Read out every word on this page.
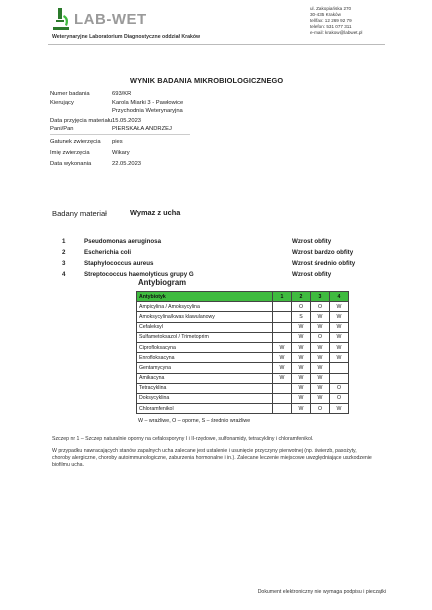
LAB-WET
Weterynaryjne Laboratorium Diagnostyczne oddział Kraków
ul. Zakopiańska 270
30-435 Kraków
tel/fax: 12 269 92 79
telefon: 531 077 311
e-mail: krakow@labwet.pl
WYNIK BADANIA MIKROBIOLOGICZNEGO
Numer badania	693/KR
Kierujący	Karola Miarki 3 - Pawłowice
Przychodnia Weterynaryjna
Data przyjęcia materiału 15.05.2023
Pani/Pan	PIERSKAŁA ANDRZEJ
Gatunek zwierzęcia pies
Imię zwierzęcia	Wikary
Data wykonania	22.05.2023
Badany materiał	Wymaz z ucha
1	Pseudomonas aeruginosa	Wzrost obfity
2	Escherichia coli	Wzrost bardzo obfity
3	Staphylococcus aureus	Wzrost średnio obfity
4	Streptococcus haemolyticus grupy G	Wzrost obfity
Antybiogram
Antybiotyk	1	2	3	4
Ampicylina / Amoksycylina		O	O	W
Amoksycylina/kwas klawulanowy		S	W	W
Cefaleksyl		W	W	W
Sulfametoksazol / Trimetoprim		W	O	W
Ciprofloksacyna	W	W	W	W
Enrofloksacyna	W	W	W	W
Gentamycyna	W	W	W	
Amikacyna	W	W	W	
Tetracyklina		W	W	O
Doksycyklina		W	W	O
Chloramfenikol		W	O	W
W – wrażliwe, O – oporne, S – średnio wrażliwe
Szczep nr 1 – Szczep naturalnie oporny na cefalosporyny I i II-rzędowe, sulfonamidy, tetracykliny i chloramfenikol.
W przypadku nawracających stanów zapalnych ucha zalecane jest ustalenie i usunięcie przyczyny pierwotnej (np. świerzb, pasożyty, choroby alergiczne, choroby autoimmunologiczne, zaburzenia hormonalne i in.). Zalecane leczenie miejscowe uwzględniające uszkodzenie biofilmu ucha.
Dokument elektroniczny nie wymaga podpisu i pieczątki
